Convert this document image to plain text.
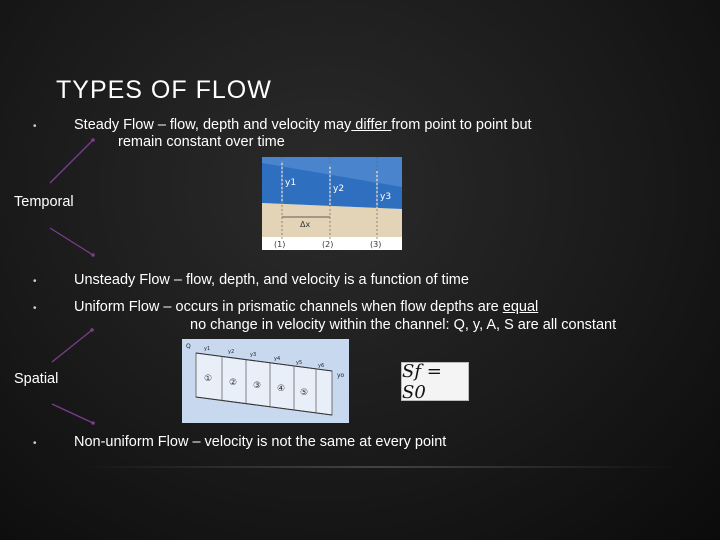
TYPES OF FLOW
•	Steady Flow – flow, depth and velocity may differ from point to point but
remain constant over time
Temporal
y1
y2
y3
Δx
(1)	(2)	(3)
•	Unsteady Flow – flow, depth, and velocity is a function of time
•	Uniform Flow – occurs in prismatic channels when flow depths are equal
no change in velocity within the channel: Q, y, A, S are all constant
Spatial
Q	y1	y2	y3
y4
y5	y6
yo
① ② ③ ④ ⑤
Sf = S0
•	Non-uniform Flow – velocity is not the same at every point
